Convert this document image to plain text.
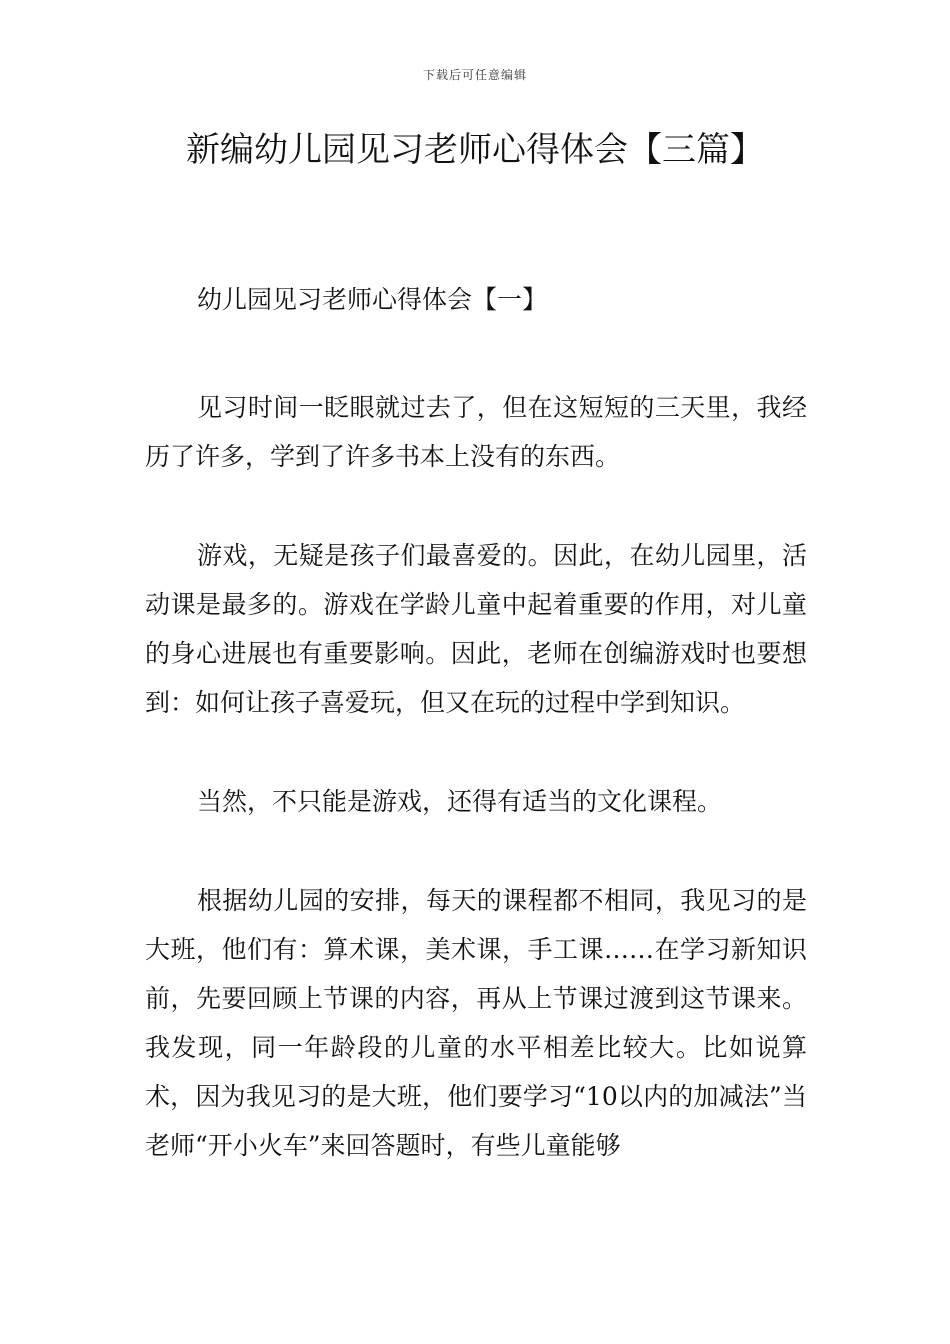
下载后可任意编辑
新编幼儿园见习老师心得体会【三篇】
幼儿园见习老师心得体会【一】

见习时间一眨眼就过去了，但在这短短的三天里，我经历了许多，学到了许多书本上没有的东西。

游戏，无疑是孩子们最喜爱的。因此，在幼儿园里，活动课是最多的。游戏在学龄儿童中起着重要的作用，对儿童的身心进展也有重要影响。因此，老师在创编游戏时也要想到：如何让孩子喜爱玩，但又在玩的过程中学到知识。

当然，不只能是游戏，还得有适当的文化课程。

根据幼儿园的安排，每天的课程都不相同，我见习的是大班，他们有：算术课，美术课，手工课……在学习新知识前，先要回顾上节课的内容，再从上节课过渡到这节课来。我发现，同一年龄段的儿童的水平相差比较大。比如说算术，因为我见习的是大班，他们要学习“10以内的加减法”当老师“开小火车”来回答题时，有些儿童能够
